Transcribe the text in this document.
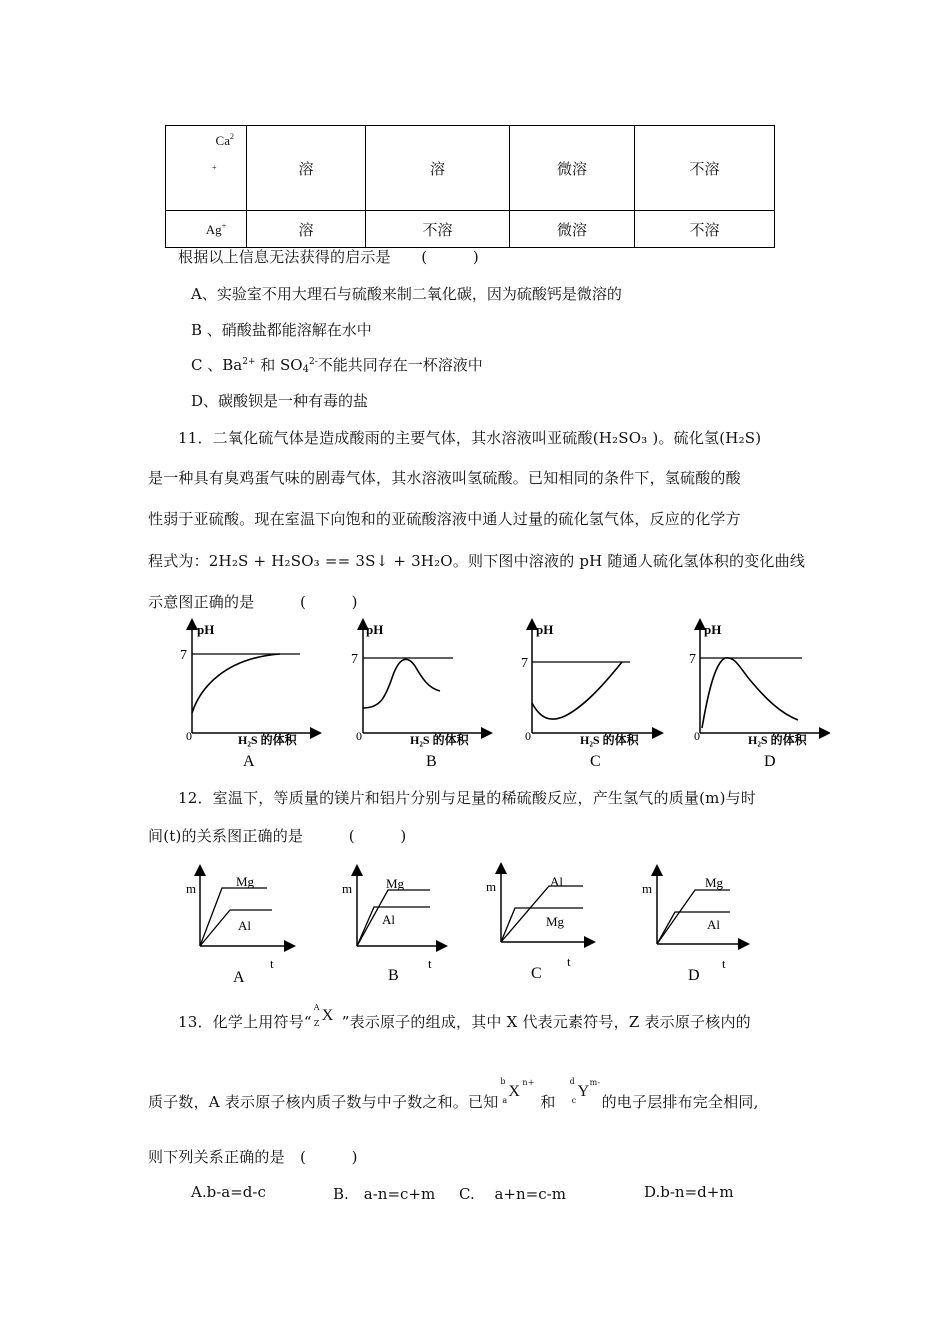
$Ca^2$
+	溶	溶	微溶	不溶
Ag+	溶	不溶	微溶	不溶
根据以上信息无法获得的启示是　　(　　　)
A、实验室不用大理石与硫酸来制二氧化碳，因为硫酸钙是微溶的
B 、硝酸盐都能溶解在水中
C 、$Ba^{2+}$ 和 $SO_4^{2-}$不能共同存在一杯溶液中
D、碳酸钡是一种有毒的盐
11．二氧化硫气体是造成酸雨的主要气体，其水溶液叫亚硫酸(H₂SO₃ )。硫化氢(H₂S)
是一种具有臭鸡蛋气味的剧毒气体，其水溶液叫氢硫酸。已知相同的条件下，氢硫酸的酸
性弱于亚硫酸。现在室温下向饱和的亚硫酸溶液中通人过量的硫化氢气体，反应的化学方
程式为：2H₂S + H₂SO₃ == 3S↓ + 3H₂O。则下图中溶液的 pH 随通人硫化氢体积的变化曲线
示意图正确的是　　　(　　　)
pH
7
0	H₂S 的体积
A
pH
7
0	H₂S 的体积
B
pH
7
0	H₂S 的体积
C
pH
7
0	H₂S 的体积
D
12．室温下，等质量的镁片和铝片分别与足量的稀硫酸反应，产生氢气的质量(m)与时
间(t)的关系图正确的是　　　(　　　)
m	Mg
Al
t
A
m	Mg
Al
t
B
m	Al
Mg
t
C
m	Mg
Al
t
D
13．化学上用符号“
A
Z X ”表示原子的组成，其中 X 代表元素符号，Z 表示原子核内的
质子数，A 表示原子核内质子数与中子数之和。已知
b
a
X
n+
和
d
c
Y
m-
的电子层排布完全相同,
则下列关系正确的是　(　　　)
A.b-a=d-c	B.　a-n=c+m C.　 a+n=c-m	D.b-n=d+m
